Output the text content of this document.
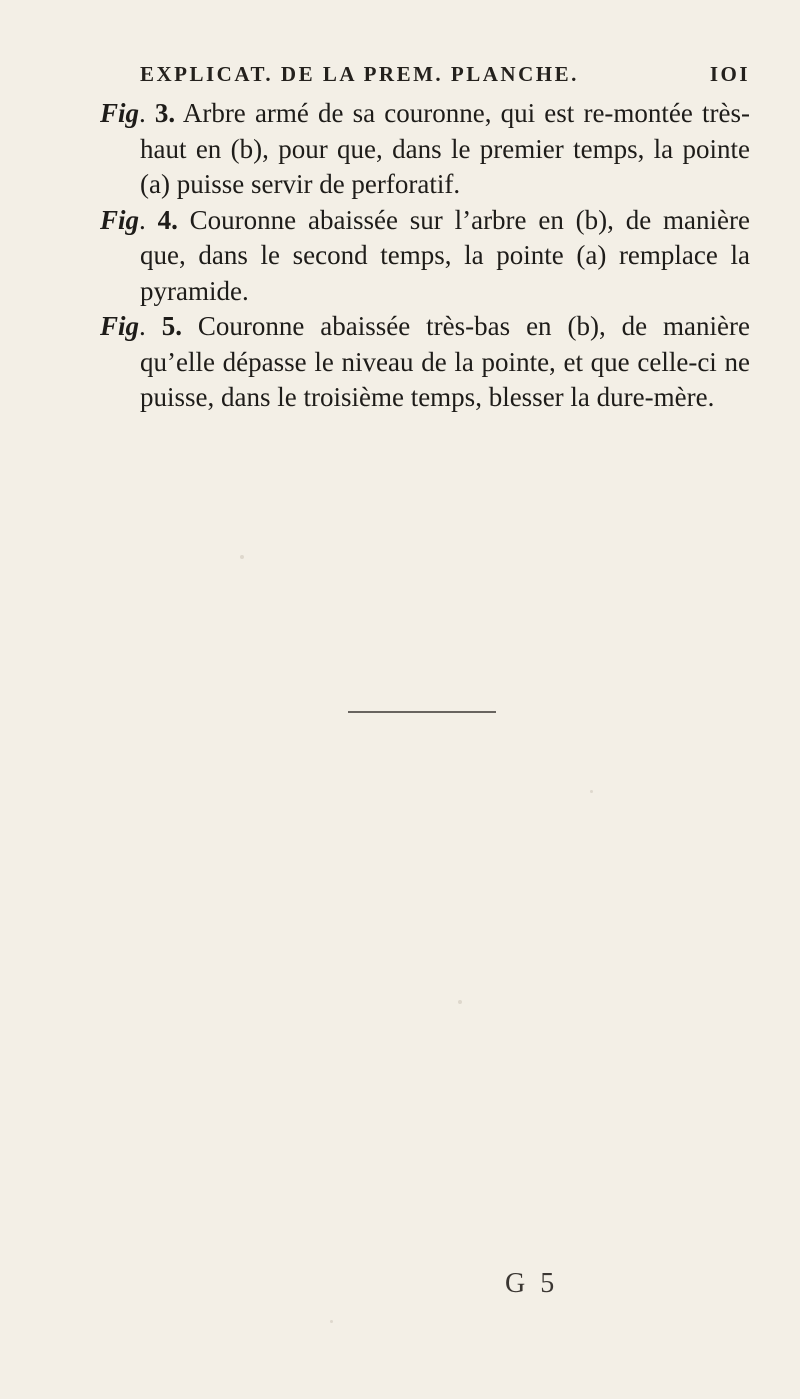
EXPLICAT. DE LA PREM. PLANCHE.	IOI

Fig. 3. Arbre armé de sa couronne, qui est re-montée très-haut en (b), pour que, dans le premier temps, la pointe (a) puisse servir de perforatif.

Fig. 4. Couronne abaissée sur l’arbre en (b), de manière que, dans le second temps, la pointe (a) remplace la pyramide.

Fig. 5. Couronne abaissée très-bas en (b), de manière qu’elle dépasse le niveau de la pointe, et que celle-ci ne puisse, dans le troisième temps, blesser la dure-mère.

G 5
